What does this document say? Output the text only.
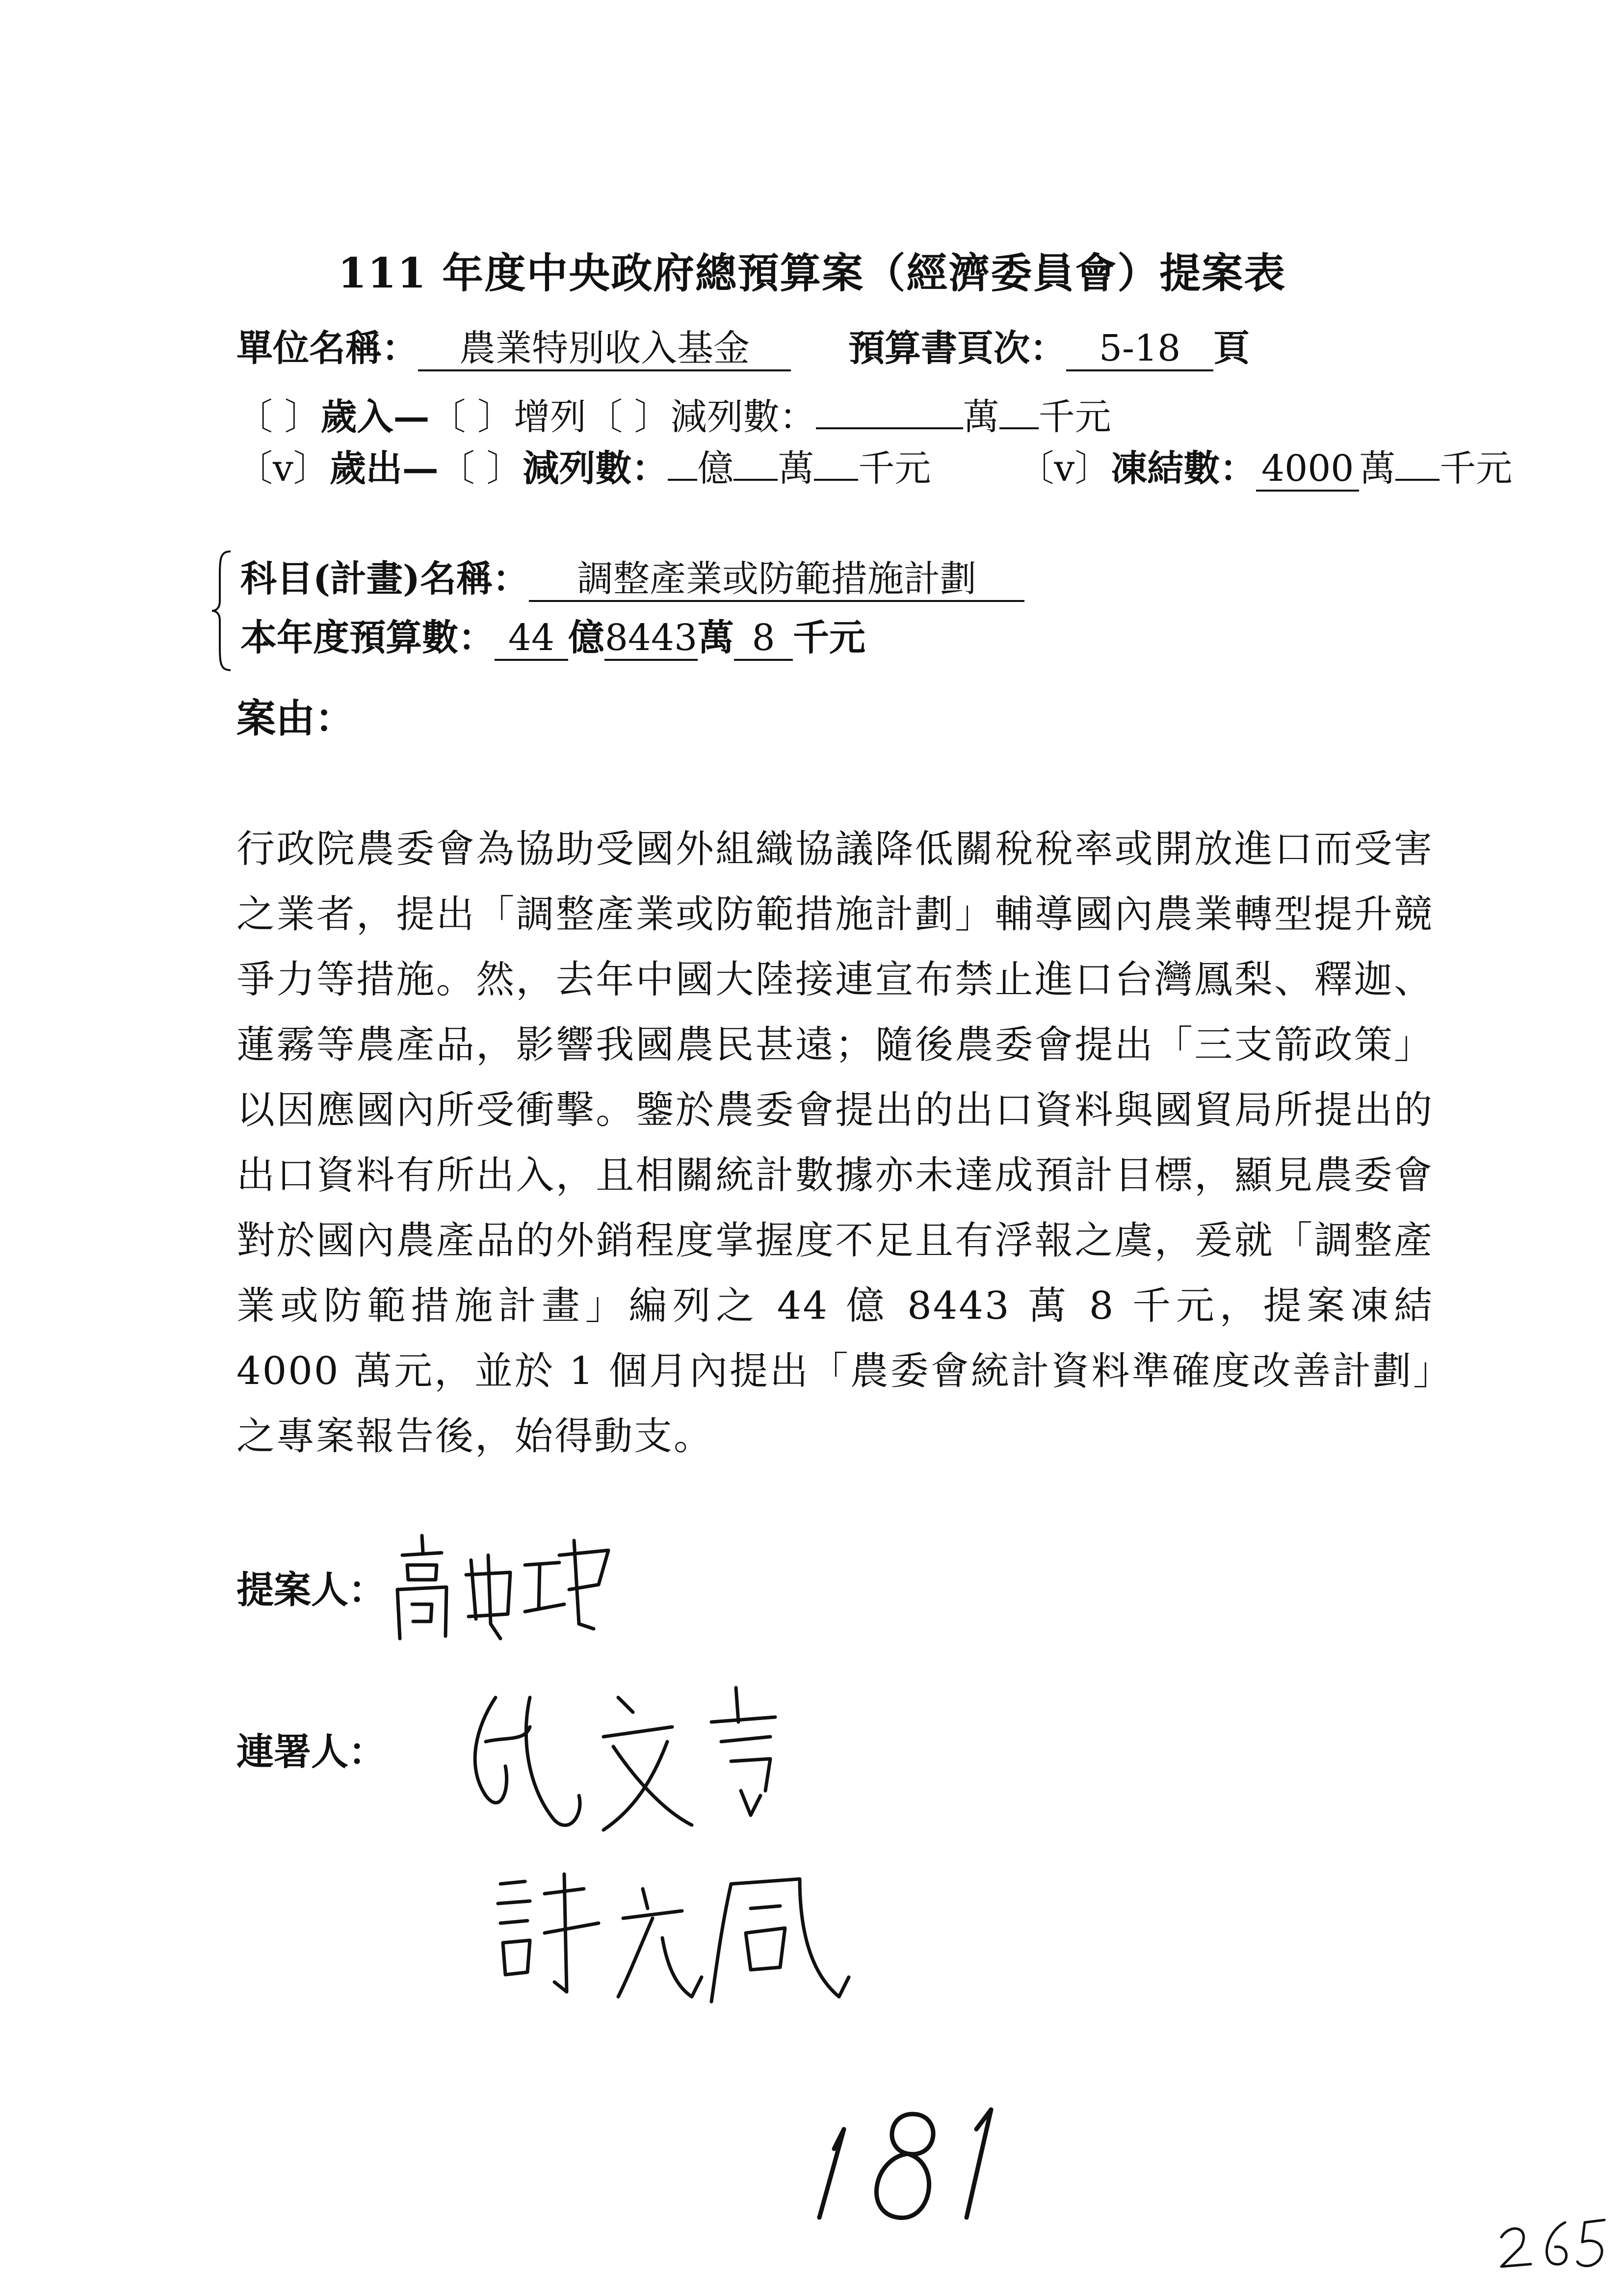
111 年度中央政府總預算案（經濟委員會）提案表
單位名稱： 農業特別收入基金	預算書頁次： 5-18 頁
〔 〕歲入—〔 〕增列〔 〕減列數：	萬 千元
〔v〕歲出—〔 〕減列數： 億 萬 千元 〔v〕凍結數： 4000 萬 千元
科目(計畫)名稱： 調整產業或防範措施計劃
本年度預算數： 44 億8443萬 8 千元
案由：
行政院農委會為協助受國外組織協議降低關稅稅率或開放進口而受害之業者，提出「調整產業或防範措施計劃」輔導國內農業轉型提升競爭力等措施。然，去年中國大陸接連宣布禁止進口台灣鳳梨、釋迦、蓮霧等農產品，影響我國農民甚遠；隨後農委會提出「三支箭政策」以因應國內所受衝擊。鑒於農委會提出的出口資料與國貿局所提出的出口資料有所出入，且相關統計數據亦未達成預計目標，顯見農委會對於國內農產品的外銷程度掌握度不足且有浮報之虞，爰就「調整產業或防範措施計畫」編列之 44 億 8443 萬 8 千元，提案凍結 4000 萬元，並於 1 個月內提出「農委會統計資料準確度改善計劃」之專案報告後，始得動支。
提案人：
連署人：
